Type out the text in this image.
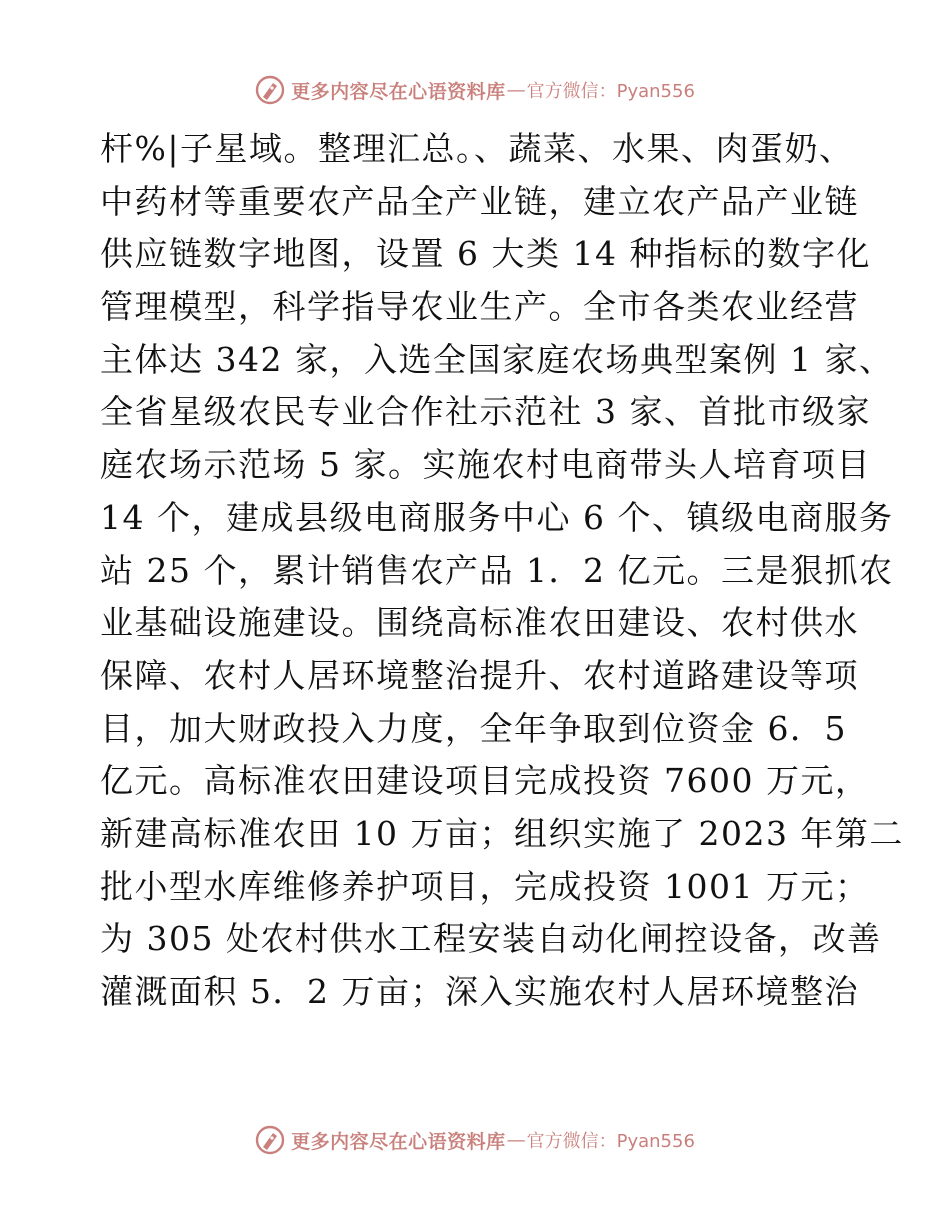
更多内容尽在心语资料库 — 官方微信：Pyan556
杆%|子星域。整理汇总。、蔬菜、水果、肉蛋奶、
中药材等重要农产品全产业链，建立农产品产业链
供应链数字地图，设置 6 大类 14 种指标的数字化
管理模型，科学指导农业生产。全市各类农业经营
主体达 342 家，入选全国家庭农场典型案例 1 家、
全省星级农民专业合作社示范社 3 家、首批市级家
庭农场示范场 5 家。实施农村电商带头人培育项目
14 个，建成县级电商服务中心 6 个、镇级电商服务
站 25 个，累计销售农产品 1．2 亿元。三是狠抓农
业基础设施建设。围绕高标准农田建设、农村供水
保障、农村人居环境整治提升、农村道路建设等项
目，加大财政投入力度，全年争取到位资金 6．5
亿元。高标准农田建设项目完成投资 7600 万元，
新建高标准农田 10 万亩；组织实施了 2023 年第二
批小型水库维修养护项目，完成投资 1001 万元；
为 305 处农村供水工程安装自动化闸控设备，改善
灌溉面积 5．2 万亩；深入实施农村人居环境整治
更多内容尽在心语资料库 — 官方微信：Pyan556
